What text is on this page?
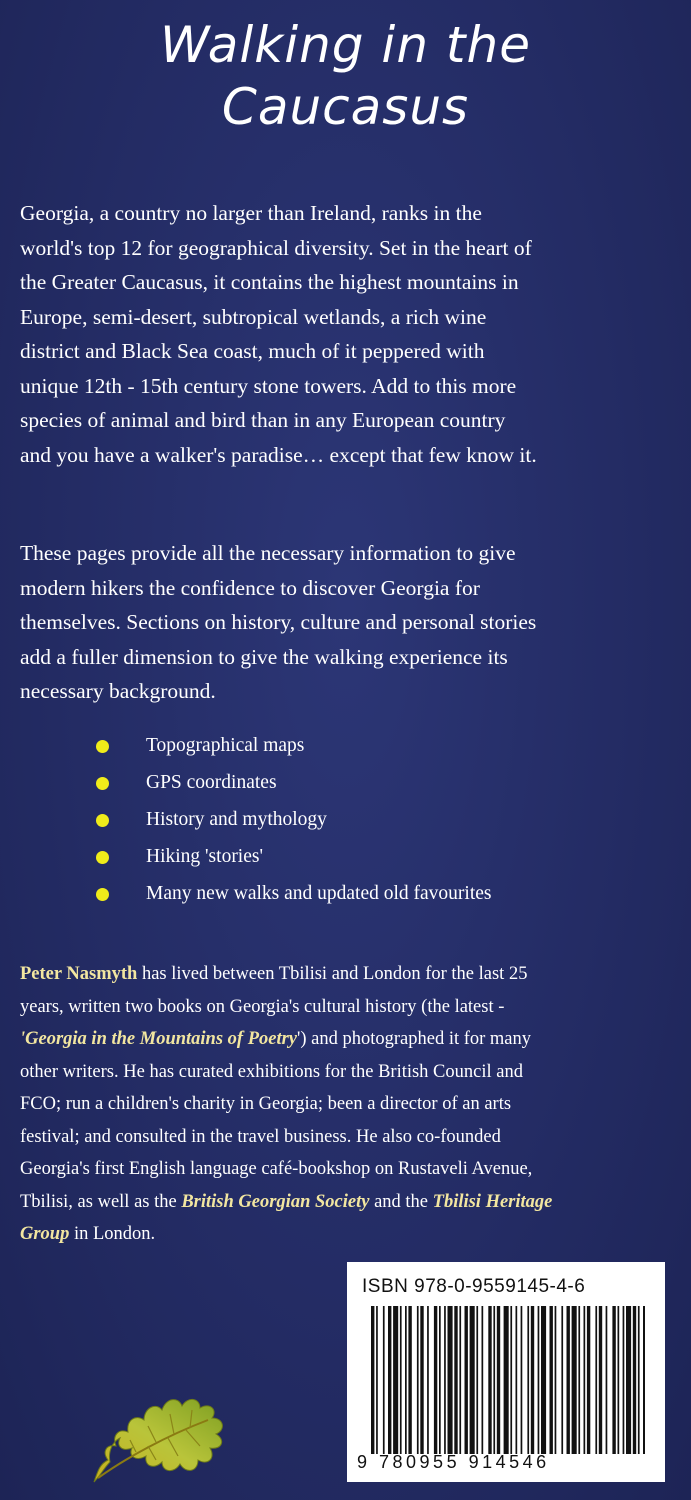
Walking in the
Caucasus
Georgia, a country no larger than Ireland, ranks in the
world's top 12 for geographical diversity. Set in the heart of
the Greater Caucasus, it contains the highest mountains in
Europe, semi-desert, subtropical wetlands, a rich wine
district and Black Sea coast, much of it peppered with
unique 12th - 15th century stone towers. Add to this more
species of animal and bird than in any European country
and you have a walker's paradise… except that few know it.
These pages provide all the necessary information to give
modern hikers the confidence to discover Georgia for
themselves. Sections on history, culture and personal stories
add a fuller dimension to give the walking experience its
necessary background.
Topographical maps
GPS coordinates
History and mythology
Hiking 'stories'
Many new walks and updated old favourites
Peter Nasmyth has lived between Tbilisi and London for the last 25
years, written two books on Georgia's cultural history (the latest -
'Georgia in the Mountains of Poetry') and photographed it for many
other writers. He has curated exhibitions for the British Council and
FCO; run a children's charity in Georgia; been a director of an arts
festival; and consulted in the travel business. He also co-founded
Georgia's first English language café-bookshop on Rustaveli Avenue,
Tbilisi, as well as the British Georgian Society and the Tbilisi Heritage
Group in London.
ISBN 978-0-9559145-4-6
9 780955 914546
